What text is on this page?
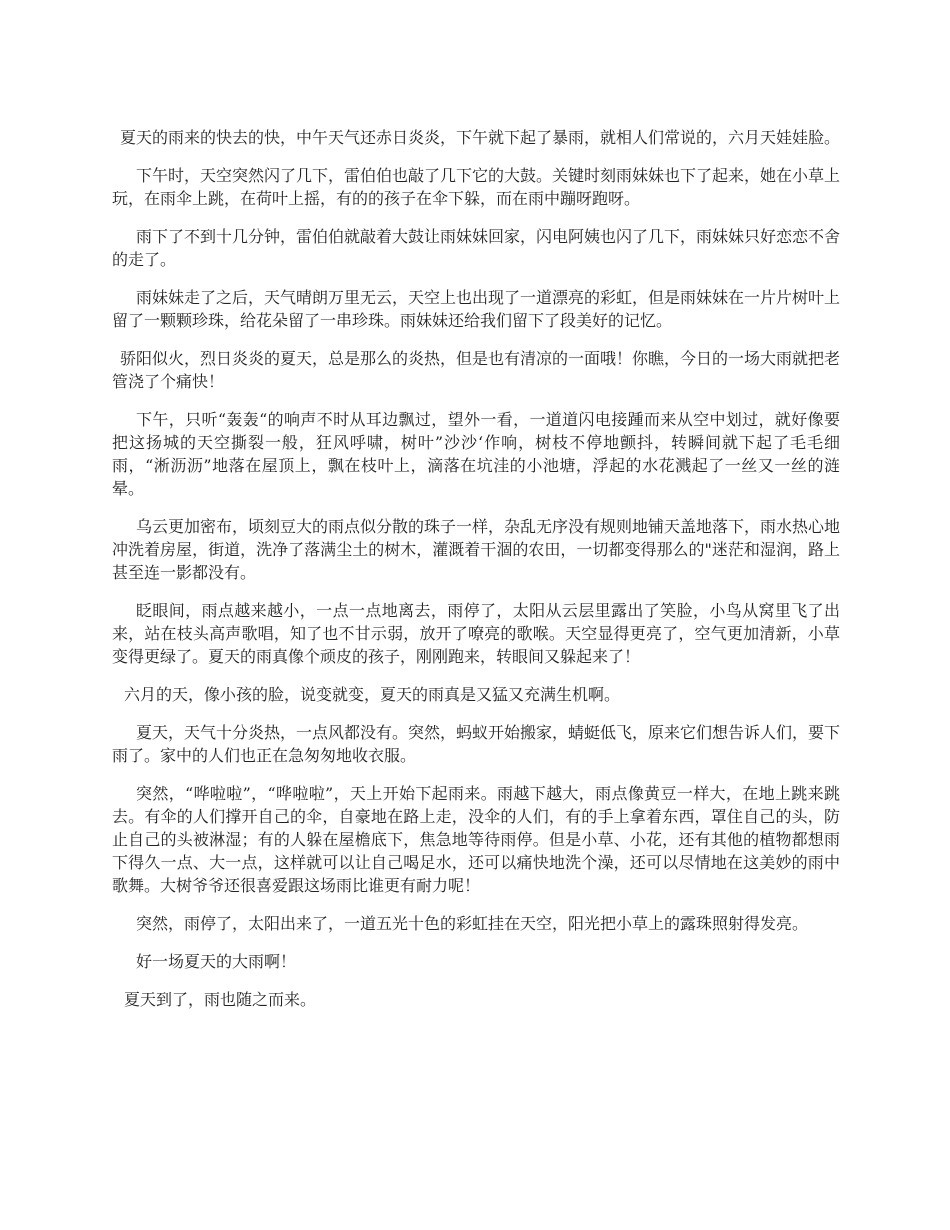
夏天的雨来的快去的快，中午天气还赤日炎炎，下午就下起了暴雨，就相人们常说的，六月天娃娃脸。

下午时，天空突然闪了几下，雷伯伯也敲了几下它的大鼓。关键时刻雨妹妹也下了起来，她在小草上玩，在雨伞上跳，在荷叶上摇，有的的孩子在伞下躲，而在雨中蹦呀跑呀。

雨下了不到十几分钟，雷伯伯就敲着大鼓让雨妹妹回家，闪电阿姨也闪了几下，雨妹妹只好恋恋不舍的走了。

雨妹妹走了之后，天气晴朗万里无云，天空上也出现了一道漂亮的彩虹，但是雨妹妹在一片片树叶上留了一颗颗珍珠，给花朵留了一串珍珠。雨妹妹还给我们留下了段美好的记忆。

骄阳似火，烈日炎炎的夏天，总是那么的炎热，但是也有清凉的一面哦！你瞧，今日的一场大雨就把老管浇了个痛快！

下午，只听“轰轰“的响声不时从耳边飘过，望外一看，一道道闪电接踵而来从空中划过，就好像要把这扬城的天空撕裂一般，狂风呼啸，树叶”沙沙‘作响，树枝不停地颤抖，转瞬间就下起了毛毛细雨，“淅沥沥”地落在屋顶上，飘在枝叶上，滴落在坑洼的小池塘，浮起的水花溅起了一丝又一丝的涟晕。

乌云更加密布，顷刻豆大的雨点似分散的珠子一样，杂乱无序没有规则地铺天盖地落下，雨水热心地冲洗着房屋，街道，洗净了落满尘土的树木，灌溉着干涸的农田，一切都变得那么的"迷茫和湿润，路上甚至连一影都没有。

眨眼间，雨点越来越小，一点一点地离去，雨停了，太阳从云层里露出了笑脸，小鸟从窝里飞了出来，站在枝头高声歌唱，知了也不甘示弱，放开了嘹亮的歌喉。天空显得更亮了，空气更加清新，小草变得更绿了。夏天的雨真像个顽皮的孩子，刚刚跑来，转眼间又躲起来了！

六月的天，像小孩的脸，说变就变，夏天的雨真是又猛又充满生机啊。

夏天，天气十分炎热，一点风都没有。突然，蚂蚁开始搬家，蜻蜓低飞，原来它们想告诉人们，要下雨了。家中的人们也正在急匆匆地收衣服。

突然，“哗啦啦”，“哗啦啦”，天上开始下起雨来。雨越下越大，雨点像黄豆一样大，在地上跳来跳去。有伞的人们撑开自己的伞，自豪地在路上走，没伞的人们，有的手上拿着东西，罩住自己的头，防止自己的头被淋湿；有的人躲在屋檐底下，焦急地等待雨停。但是小草、小花，还有其他的植物都想雨下得久一点、大一点，这样就可以让自己喝足水，还可以痛快地洗个澡，还可以尽情地在这美妙的雨中歌舞。大树爷爷还很喜爱跟这场雨比谁更有耐力呢！

突然，雨停了，太阳出来了，一道五光十色的彩虹挂在天空，阳光把小草上的露珠照射得发亮。

好一场夏天的大雨啊！

夏天到了，雨也随之而来。
